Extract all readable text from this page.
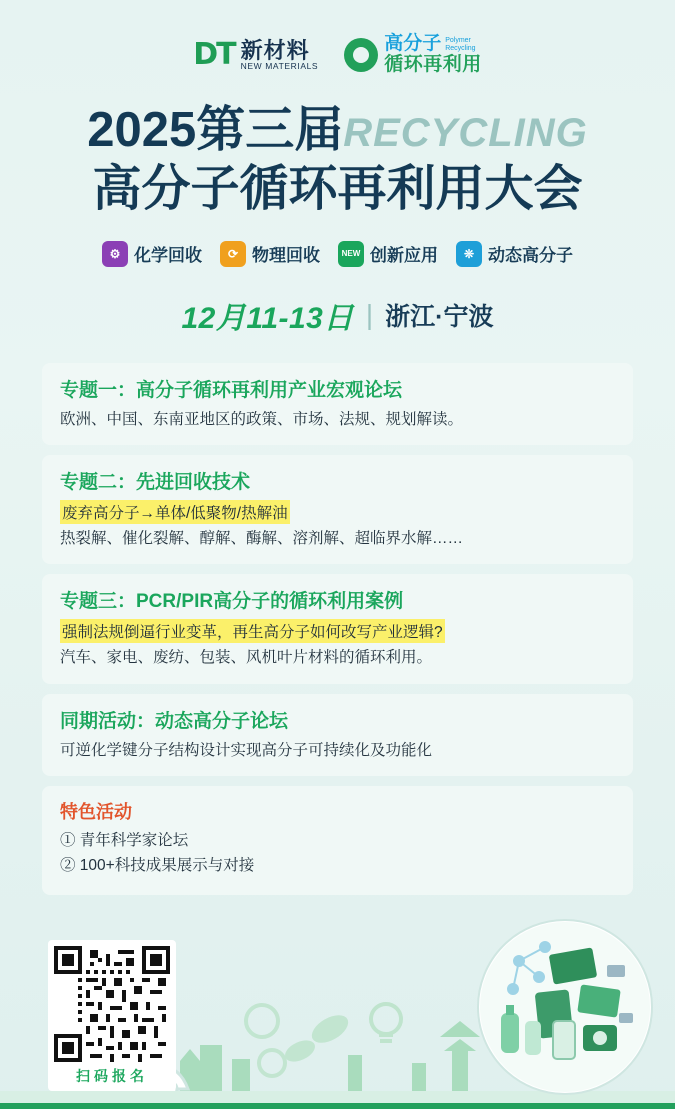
DT 新材料
NEW MATERIALS
高分子 Polymer
Recycling
循环再利用
2025第三届RECYCLING
高分子循环再利用大会
⚙ 化学回收	⟳ 物理回收	NEW 创新应用	❊ 动态高分子
12月11-13日 | 浙江·宁波
专题一：高分子循环再利用产业宏观论坛
欧洲、中国、东南亚地区的政策、市场、法规、规划解读。
专题二：先进回收技术
废弃高分子→单体/低聚物/热解油
热裂解、催化裂解、醇解、酶解、溶剂解、超临界水解……
专题三：PCR/PIR高分子的循环利用案例
强制法规倒逼行业变革，再生高分子如何改写产业逻辑?
汽车、家电、废纺、包装、风机叶片材料的循环利用。
同期活动：动态高分子论坛
可逆化学键分子结构设计实现高分子可持续化及功能化
特色活动
① 青年科学家论坛
② 100+科技成果展示与对接
扫码报名
